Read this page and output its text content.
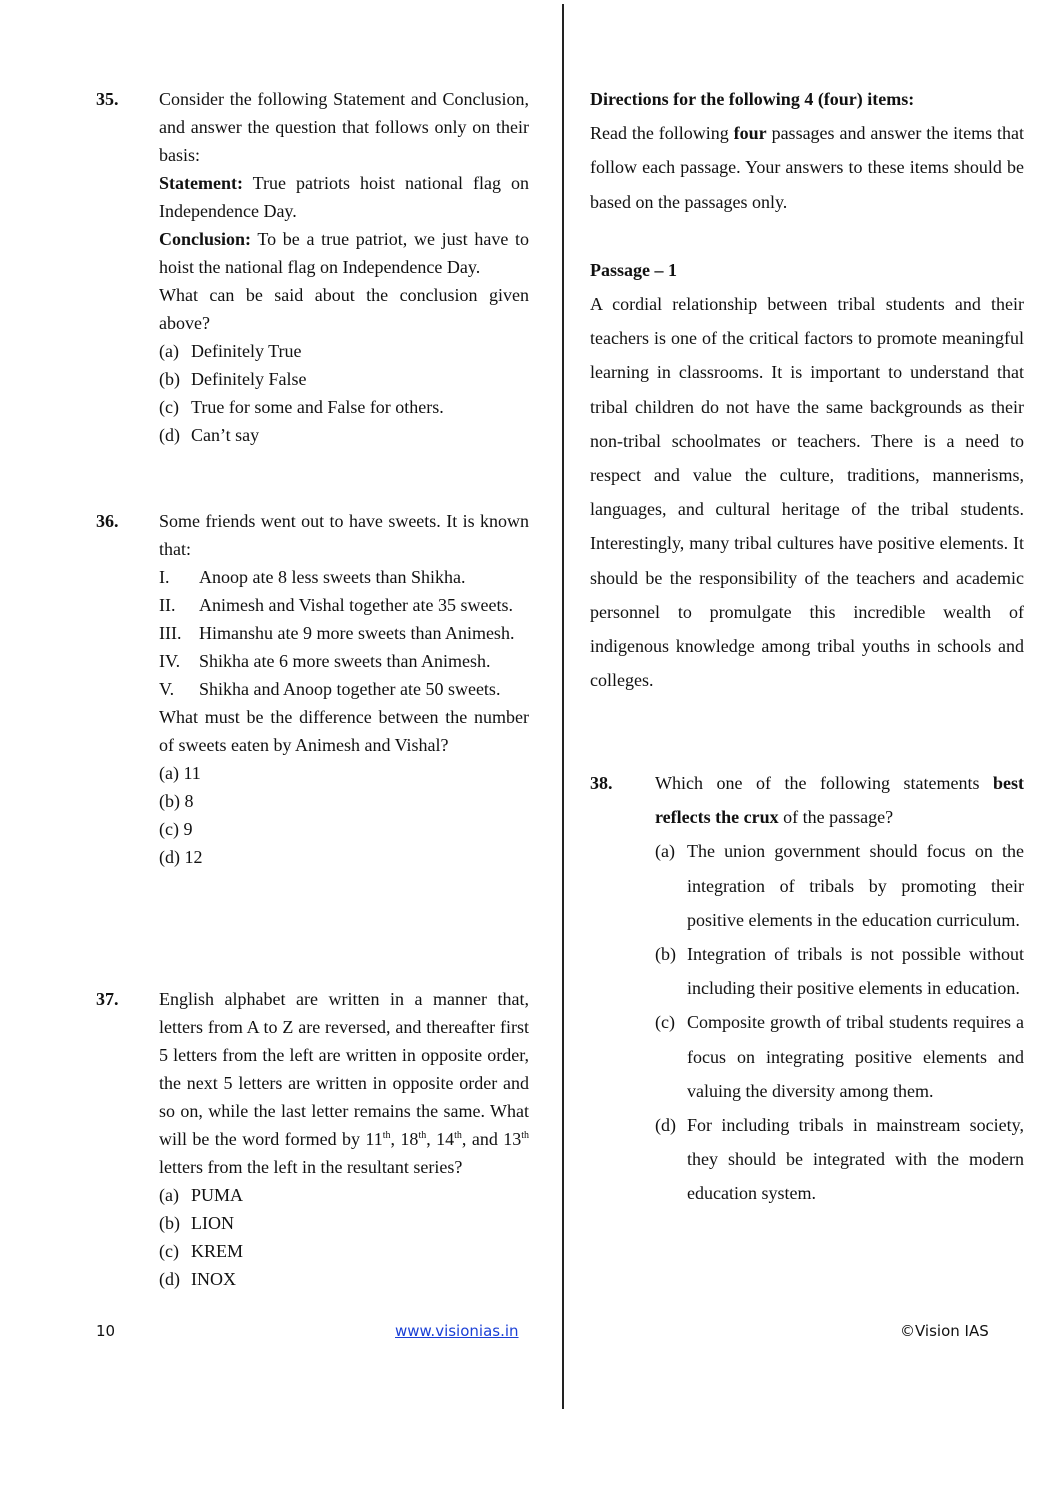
35. Consider the following Statement and Conclusion, and answer the question that follows only on their basis:

Statement: True patriots hoist national flag on Independence Day.

Conclusion: To be a true patriot, we just have to hoist the national flag on Independence Day.

What can be said about the conclusion given above?

(a) Definitely True
(b) Definitely False
(c) True for some and False for others.
(d) Can’t say
36. Some friends went out to have sweets. It is known that:

I.	Anoop ate 8 less sweets than Shikha.
II.	Animesh and Vishal together ate 35 sweets.
III. Himanshu ate 9 more sweets than Animesh.
IV.	Shikha ate 6 more sweets than Animesh.
V.	Shikha and Anoop together ate 50 sweets.

What must be the difference between the number of sweets eaten by Animesh and Vishal?

(a) 11

(b) 8

(c) 9

(d) 12

37. English alphabet are written in a manner that, letters from A to Z are reversed, and thereafter first 5 letters from the left are written in opposite order, the next 5 letters are written in opposite order and so on, while the last letter remains the same. What will be the word formed by 11th, 18th, 14th, and 13th letters from the left in the resultant series?

(a) PUMA
(b) LION
(c) KREM
(d) INOX

Directions for the following 4 (four) items:

Read the following four passages and answer the items that follow each passage. Your answers to these items should be based on the passages only.

Passage – 1

A cordial relationship between tribal students and their teachers is one of the critical factors to promote meaningful learning in classrooms. It is important to understand that tribal children do not have the same backgrounds as their non-tribal schoolmates or teachers. There is a need to respect and value the culture, traditions, mannerisms, languages, and cultural heritage of the tribal students. Interestingly, many tribal cultures have positive elements. It should be the responsibility of the teachers and academic personnel to promulgate this incredible wealth of indigenous knowledge among tribal youths in schools and colleges.

38. Which one of the following statements best reflects the crux of the passage?

(a) The union government should focus on the integration of tribals by promoting their positive elements in the education curriculum.
(b) Integration of tribals is not possible without including their positive elements in education.
(c) Composite growth of tribal students requires a focus on integrating positive elements and valuing the diversity among them.
(d) For including tribals in mainstream society, they should be integrated with the modern education system.
10	www.visionias.in	©Vision IAS
